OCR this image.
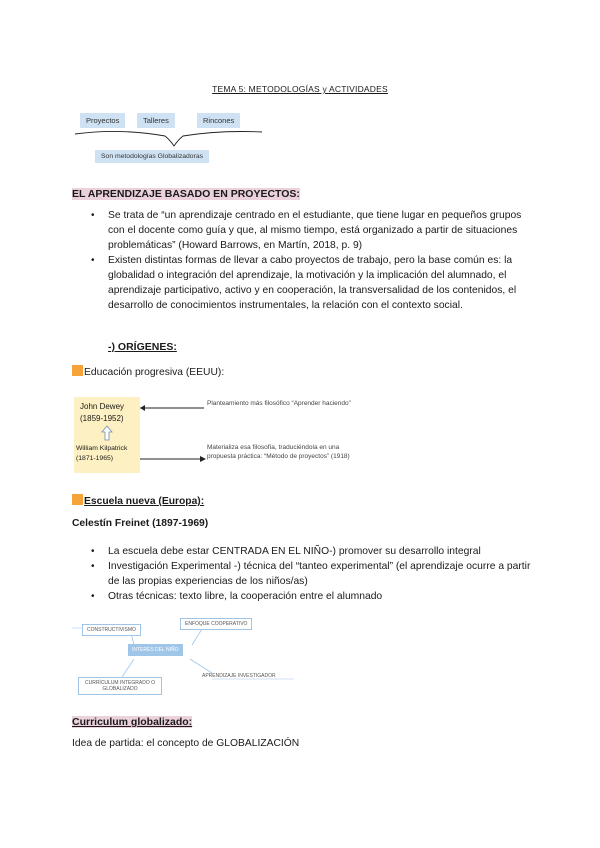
TEMA 5: METODOLOGÍAS y ACTIVIDADES
Proyectos	Talleres	Rincones
Son metodologías Globalizadoras
EL APRENDIZAJE BASADO EN PROYECTOS:
• Se trata de “un aprendizaje centrado en el estudiante, que tiene lugar en pequeños grupos con el docente como guía y que, al mismo tiempo, está organizado a partir de situaciones problemáticas” (Howard Barrows, en Martín, 2018, p. 9)
• Existen distintas formas de llevar a cabo proyectos de trabajo, pero la base común es: la globalidad o integración del aprendizaje, la motivación y la implicación del alumnado, el aprendizaje participativo, activo y en cooperación, la transversalidad de los contenidos, el desarrollo de conocimientos instrumentales, la relación con el contexto social.
-) ORÍGENES:
Educación progresiva (EEUU):
John Dewey (1859-1952)
William Kilpatrick (1871-1965)
Planteamiento más filosófico “Aprender haciendo”
Materializa esa filosofía, traduciéndola en una propuesta práctica: “Método de proyectos” (1918)
Escuela nueva (Europa):
Celestín Freinet (1897-1969)
• La escuela debe estar CENTRADA EN EL NIÑO-) promover su desarrollo integral
• Investigación Experimental -) técnica del “tanteo experimental” (el aprendizaje ocurre a partir de las propias experiencias de los niños/as)
• Otras técnicas: texto libre, la cooperación entre el alumnado
CONSTRUCTIVISMO
ENFOQUE COOPERATIVO
INTERÉS DEL NIÑO
CURRÍCULUM INTEGRADO O GLOBALIZADO
APRENDIZAJE INVESTIGADOR
Curriculum globalizado:
Idea de partida: el concepto de GLOBALIZACIÓN
